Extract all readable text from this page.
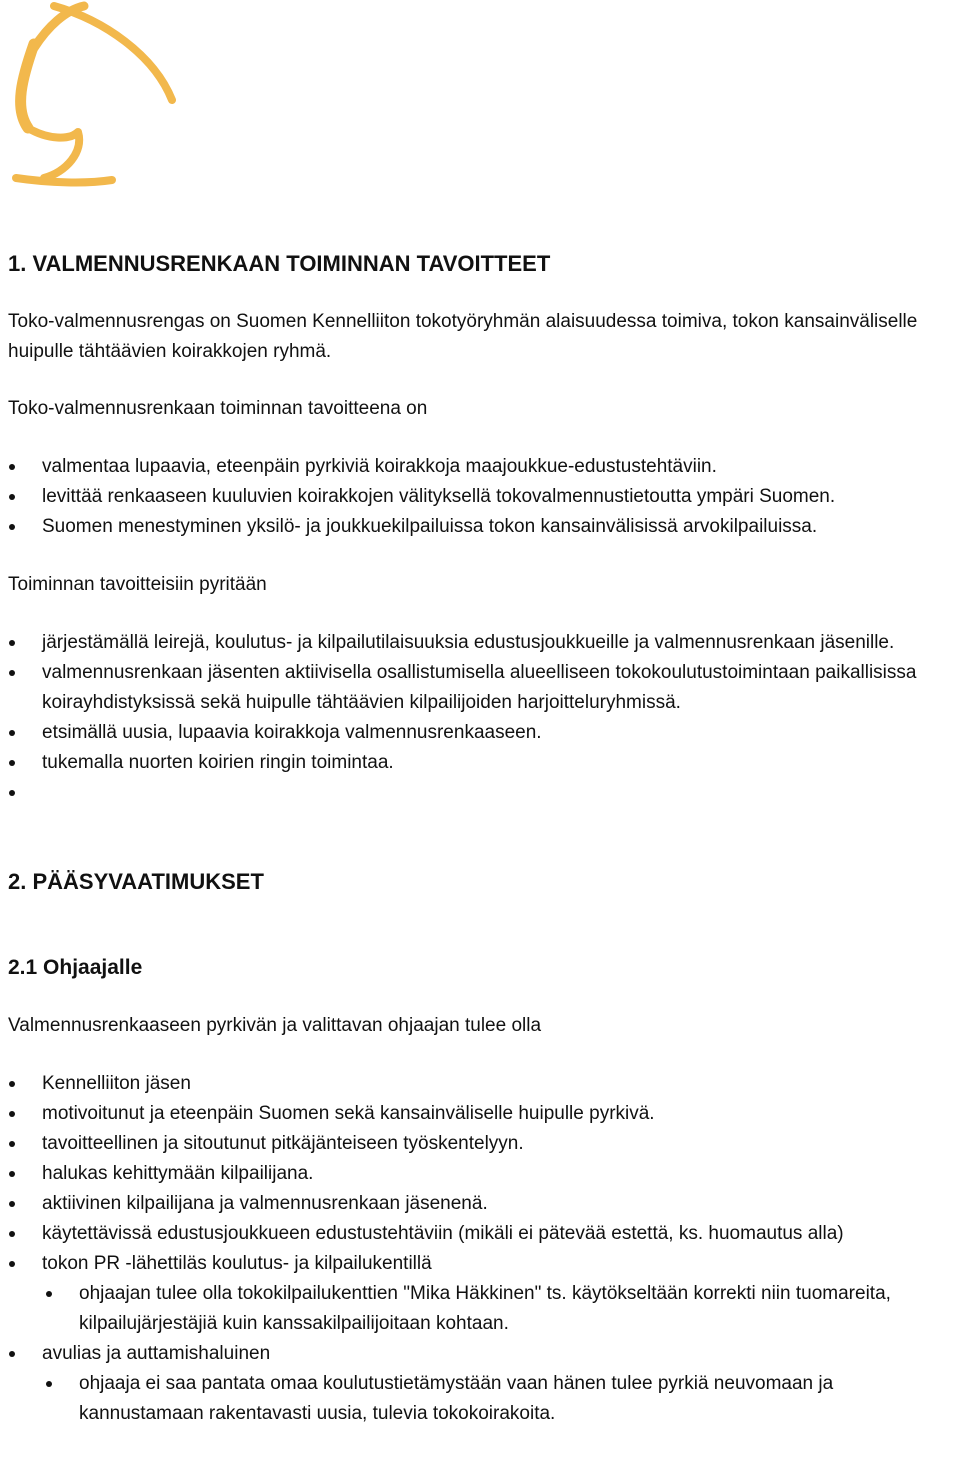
1. VALMENNUSRENKAAN TOIMINNAN TAVOITTEET

Toko-valmennusrengas on Suomen Kennelliiton tokotyöryhmän alaisuudessa toimiva, tokon kansainväliselle huipulle tähtäävien koirakkojen ryhmä.

Toko-valmennusrenkaan toiminnan tavoitteena on

valmentaa lupaavia, eteenpäin pyrkiviä koirakkoja maajoukkue-edustustehtäviin.
levittää renkaaseen kuuluvien koirakkojen välityksellä tokovalmennustietoutta ympäri Suomen.
Suomen menestyminen yksilö- ja joukkuekilpailuissa tokon kansainvälisissä arvokilpailuissa.

Toiminnan tavoitteisiin pyritään

järjestämällä leirejä, koulutus- ja kilpailutilaisuuksia edustusjoukkueille ja valmennusrenkaan jäsenille.
valmennusrenkaan jäsenten aktiivisella osallistumisella alueelliseen tokokoulutustoimintaan paikallisissa koirayhdistyksissä sekä huipulle tähtäävien kilpailijoiden harjoitteluryhmissä.
etsimällä uusia, lupaavia koirakkoja valmennusrenkaaseen.
tukemalla nuorten koirien ringin toimintaa.
2. PÄÄSYVAATIMUKSET
2.1 Ohjaajalle

Valmennusrenkaaseen pyrkivän ja valittavan ohjaajan tulee olla

Kennelliiton jäsen
motivoitunut ja eteenpäin Suomen sekä kansainväliselle huipulle pyrkivä.
tavoitteellinen ja sitoutunut pitkäjänteiseen työskentelyyn.
halukas kehittymään kilpailijana.
aktiivinen kilpailijana ja valmennusrenkaan jäsenenä.
käytettävissä edustusjoukkueen edustustehtäviin (mikäli ei pätevää estettä, ks. huomautus alla)
tokon PR -lähettiläs koulutus- ja kilpailukentillä
ohjaajan tulee olla tokokilpailukenttien "Mika Häkkinen" ts. käytökseltään korrekti niin tuomareita, kilpailujärjestäjiä kuin kanssakilpailijoitaan kohtaan.
avulias ja auttamishaluinen
ohjaaja ei saa pantata omaa koulutustietämystään vaan hänen tulee pyrkiä neuvomaan ja kannustamaan rakentavasti uusia, tulevia tokokoirakoita.
